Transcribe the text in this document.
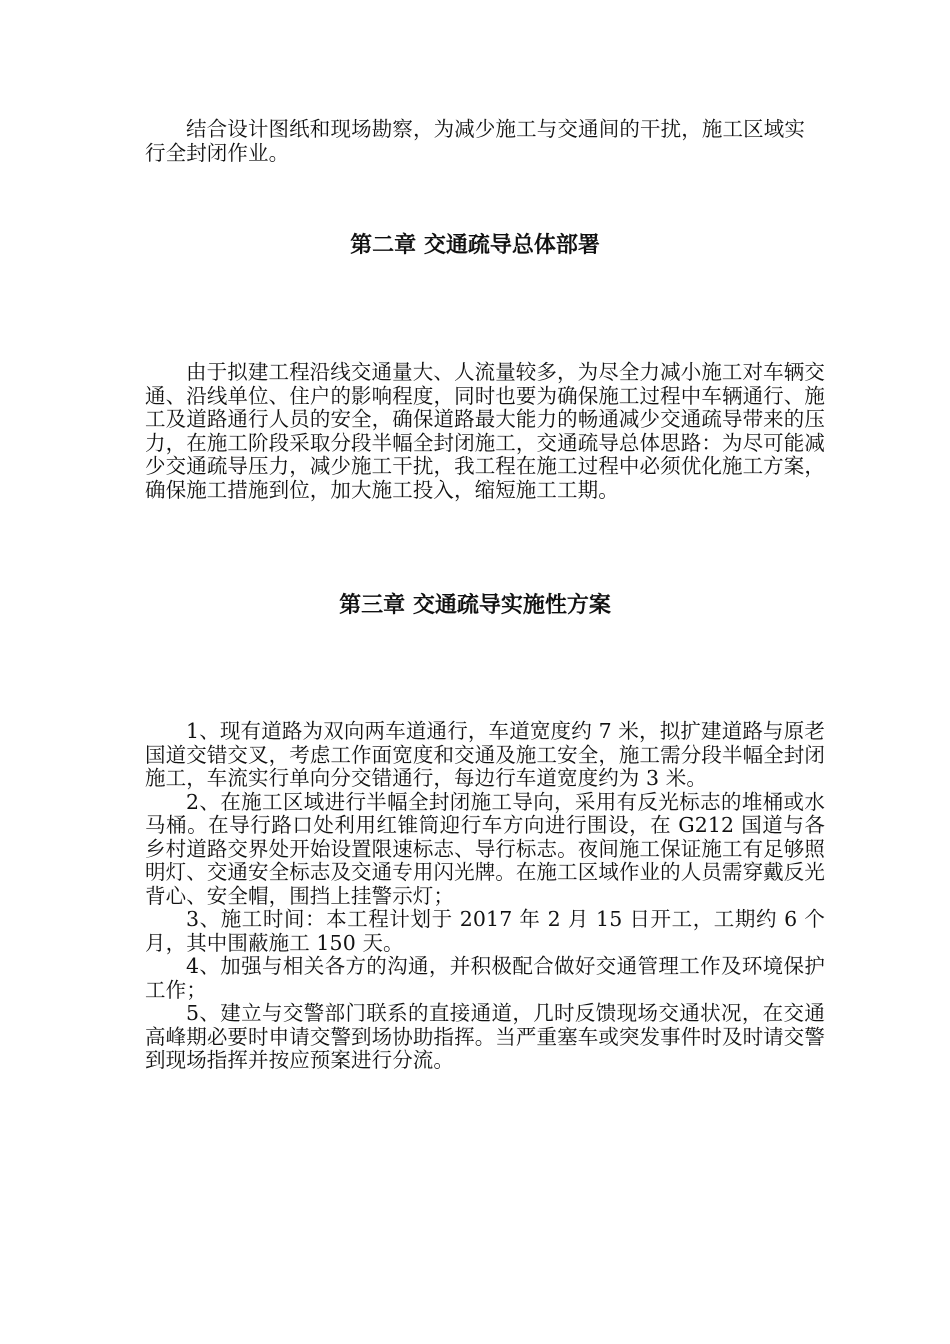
结合设计图纸和现场勘察，为减少施工与交通间的干扰，施工区域实行全封闭作业。

第二章 交通疏导总体部署

由于拟建工程沿线交通量大、人流量较多，为尽全力减小施工对车辆交通、沿线单位、住户的影响程度，同时也要为确保施工过程中车辆通行、施工及道路通行人员的安全，确保道路最大能力的畅通减少交通疏导带来的压力，在施工阶段采取分段半幅全封闭施工，交通疏导总体思路：为尽可能减少交通疏导压力，减少施工干扰，我工程在施工过程中必须优化施工方案，确保施工措施到位，加大施工投入，缩短施工工期。

第三章 交通疏导实施性方案

1、现有道路为双向两车道通行，车道宽度约 7 米，拟扩建道路与原老国道交错交叉，考虑工作面宽度和交通及施工安全，施工需分段半幅全封闭施工，车流实行单向分交错通行，每边行车道宽度约为 3 米。

2、在施工区域进行半幅全封闭施工导向，采用有反光标志的堆桶或水马桶。在导行路口处利用红锥筒迎行车方向进行围设，在 G212 国道与各乡村道路交界处开始设置限速标志、导行标志。夜间施工保证施工有足够照明灯、交通安全标志及交通专用闪光牌。在施工区域作业的人员需穿戴反光背心、安全帽，围挡上挂警示灯；

3、施工时间：本工程计划于 2017 年 2 月 15 日开工，工期约 6 个月，其中围蔽施工 150 天。

4、加强与相关各方的沟通，并积极配合做好交通管理工作及环境保护工作；

5、建立与交警部门联系的直接通道，几时反馈现场交通状况，在交通高峰期必要时申请交警到场协助指挥。当严重塞车或突发事件时及时请交警到现场指挥并按应预案进行分流。
